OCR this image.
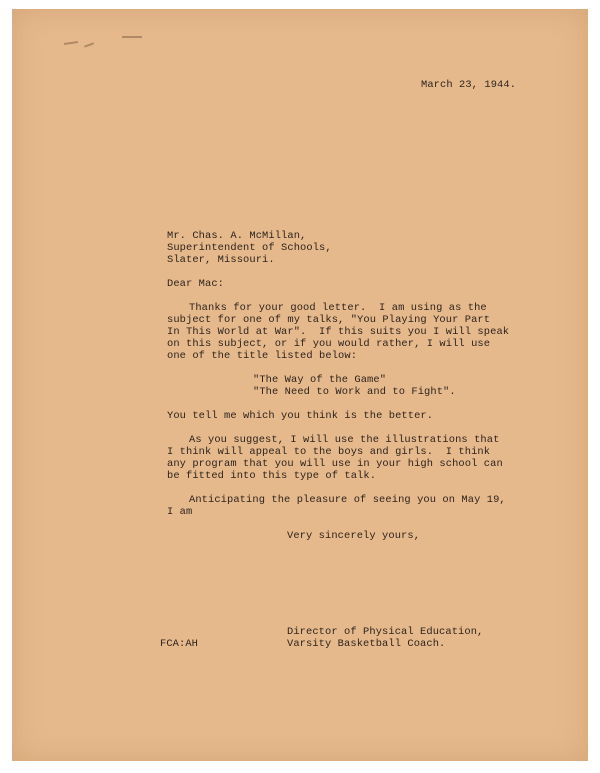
March 23, 1944.
Mr. Chas. A. McMillan,
Superintendent of Schools,
Slater, Missouri.
Dear Mac:
Thanks for your good letter.  I am using as the
subject for one of my talks, "You Playing Your Part
In This World at War".  If this suits you I will speak
on this subject, or if you would rather, I will use
one of the title listed below:
"The Way of the Game"
"The Need to Work and to Fight".
You tell me which you think is the better.
As you suggest, I will use the illustrations that
I think will appeal to the boys and girls.  I think
any program that you will use in your high school can
be fitted into this type of talk.
Anticipating the pleasure of seeing you on May 19,
I am
Very sincerely yours,
FCA:AH
Director of Physical Education,
Varsity Basketball Coach.
